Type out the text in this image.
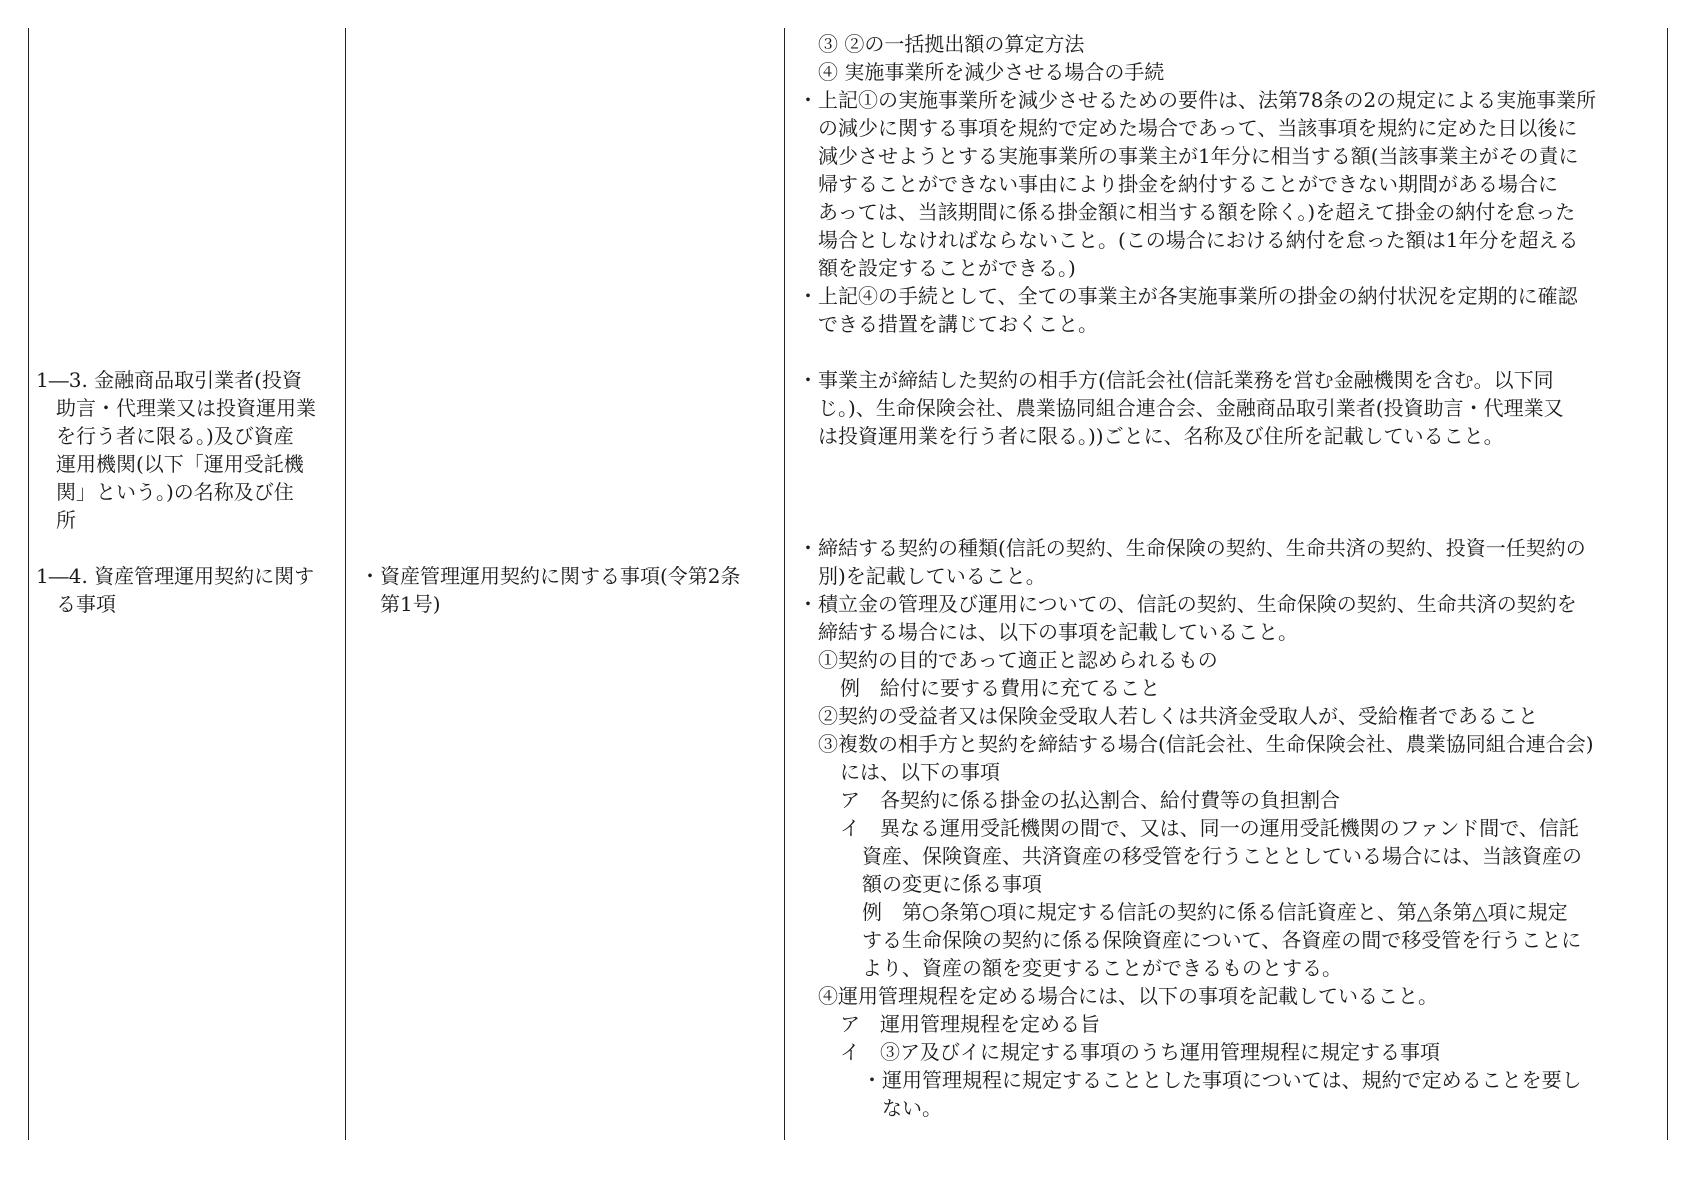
1―3. 金融商品取引業者(投資
助言・代理業又は投資運用業
を行う者に限る。)及び資産
運用機関(以下「運用受託機
関」という。)の名称及び住
所
1―4. 資産管理運用契約に関す
る事項
・資産管理運用契約に関する事項(令第2条
第1号)
③ ②の一括拠出額の算定方法
④ 実施事業所を減少させる場合の手続
・上記①の実施事業所を減少させるための要件は、法第78条の2の規定による実施事業所
の減少に関する事項を規約で定めた場合であって、当該事項を規約に定めた日以後に
減少させようとする実施事業所の事業主が1年分に相当する額(当該事業主がその責に
帰することができない事由により掛金を納付することができない期間がある場合に
あっては、当該期間に係る掛金額に相当する額を除く。)を超えて掛金の納付を怠った
場合としなければならないこと。(この場合における納付を怠った額は1年分を超える
額を設定することができる。)
・上記④の手続として、全ての事業主が各実施事業所の掛金の納付状況を定期的に確認
できる措置を講じておくこと。
・事業主が締結した契約の相手方(信託会社(信託業務を営む金融機関を含む。以下同
じ。)、生命保険会社、農業協同組合連合会、金融商品取引業者(投資助言・代理業又
は投資運用業を行う者に限る。))ごとに、名称及び住所を記載していること。
・締結する契約の種類(信託の契約、生命保険の契約、生命共済の契約、投資一任契約の
別)を記載していること。
・積立金の管理及び運用についての、信託の契約、生命保険の契約、生命共済の契約を
締結する場合には、以下の事項を記載していること。
①契約の目的であって適正と認められるもの
例　給付に要する費用に充てること
②契約の受益者又は保険金受取人若しくは共済金受取人が、受給権者であること
③複数の相手方と契約を締結する場合(信託会社、生命保険会社、農業協同組合連合会)
には、以下の事項
ア　各契約に係る掛金の払込割合、給付費等の負担割合
イ　異なる運用受託機関の間で、又は、同一の運用受託機関のファンド間で、信託
資産、保険資産、共済資産の移受管を行うこととしている場合には、当該資産の
額の変更に係る事項
例　第○条第○項に規定する信託の契約に係る信託資産と、第△条第△項に規定
する生命保険の契約に係る保険資産について、各資産の間で移受管を行うことに
より、資産の額を変更することができるものとする。
④運用管理規程を定める場合には、以下の事項を記載していること。
ア　運用管理規程を定める旨
イ　③ア及びイに規定する事項のうち運用管理規程に規定する事項
・運用管理規程に規定することとした事項については、規約で定めることを要し
ない。
